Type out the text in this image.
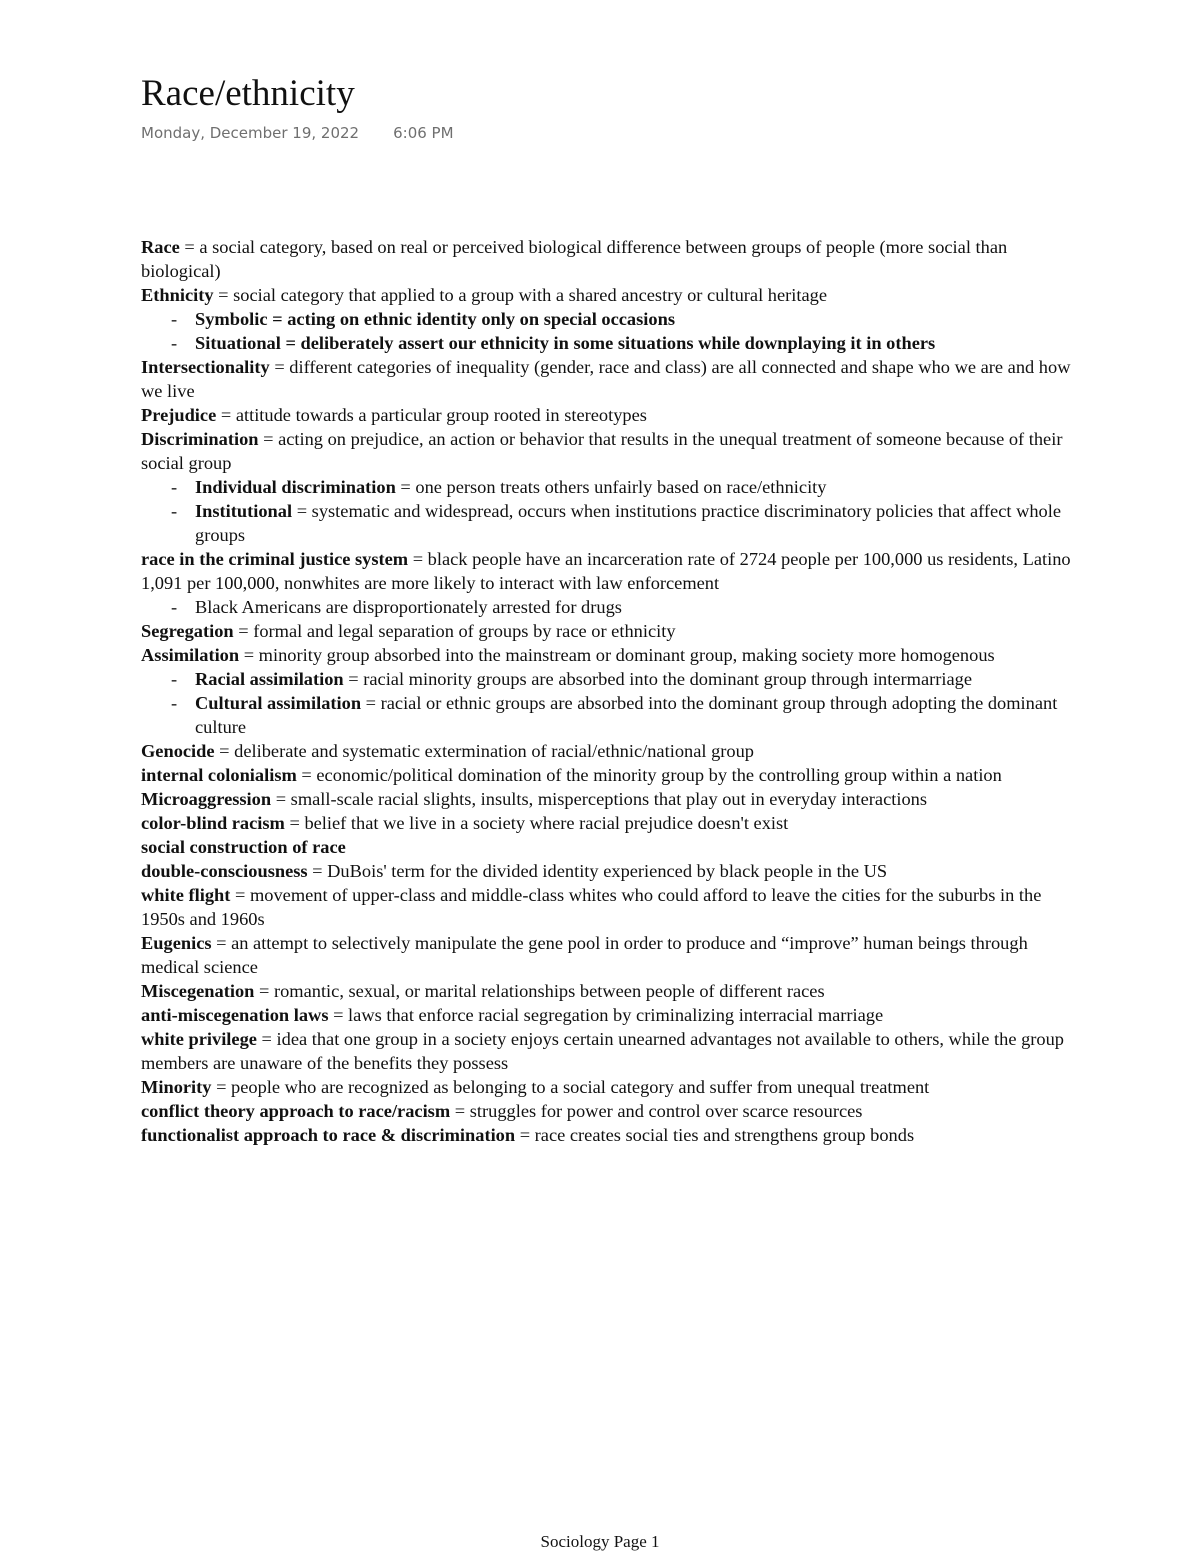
Race/ethnicity
Monday, December 19, 2022 6:06 PM

Race = a social category, based on real or perceived biological difference between groups of people (more social than biological)

Ethnicity = social category that applied to a group with a shared ancestry or cultural heritage

- Symbolic = acting on ethnic identity only on special occasions

- Situational = deliberately assert our ethnicity in some situations while downplaying it in others

Intersectionality = different categories of inequality (gender, race and class) are all connected and shape who we are and how we live

Prejudice = attitude towards a particular group rooted in stereotypes

Discrimination = acting on prejudice, an action or behavior that results in the unequal treatment of someone because of their social group

- Individual discrimination = one person treats others unfairly based on race/ethnicity

- Institutional = systematic and widespread, occurs when institutions practice discriminatory policies that affect whole groups

race in the criminal justice system = black people have an incarceration rate of 2724 people per 100,000 us residents, Latino 1,091 per 100,000, nonwhites are more likely to interact with law enforcement

- Black Americans are disproportionately arrested for drugs

Segregation = formal and legal separation of groups by race or ethnicity

Assimilation = minority group absorbed into the mainstream or dominant group, making society more homogenous

- Racial assimilation = racial minority groups are absorbed into the dominant group through intermarriage

- Cultural assimilation = racial or ethnic groups are absorbed into the dominant group through adopting the dominant culture

Genocide = deliberate and systematic extermination of racial/ethnic/national group

internal colonialism = economic/political domination of the minority group by the controlling group within a nation

Microaggression = small-scale racial slights, insults, misperceptions that play out in everyday interactions

color-blind racism = belief that we live in a society where racial prejudice doesn't exist

social construction of race

double-consciousness = DuBois' term for the divided identity experienced by black people in the US

white flight = movement of upper-class and middle-class whites who could afford to leave the cities for the suburbs in the 1950s and 1960s

Eugenics = an attempt to selectively manipulate the gene pool in order to produce and “improve” human beings through medical science

Miscegenation = romantic, sexual, or marital relationships between people of different races

anti-miscegenation laws = laws that enforce racial segregation by criminalizing interracial marriage

white privilege = idea that one group in a society enjoys certain unearned advantages not available to others, while the group members are unaware of the benefits they possess

Minority = people who are recognized as belonging to a social category and suffer from unequal treatment

conflict theory approach to race/racism = struggles for power and control over scarce resources

functionalist approach to race & discrimination = race creates social ties and strengthens group bonds

Sociology Page 1
